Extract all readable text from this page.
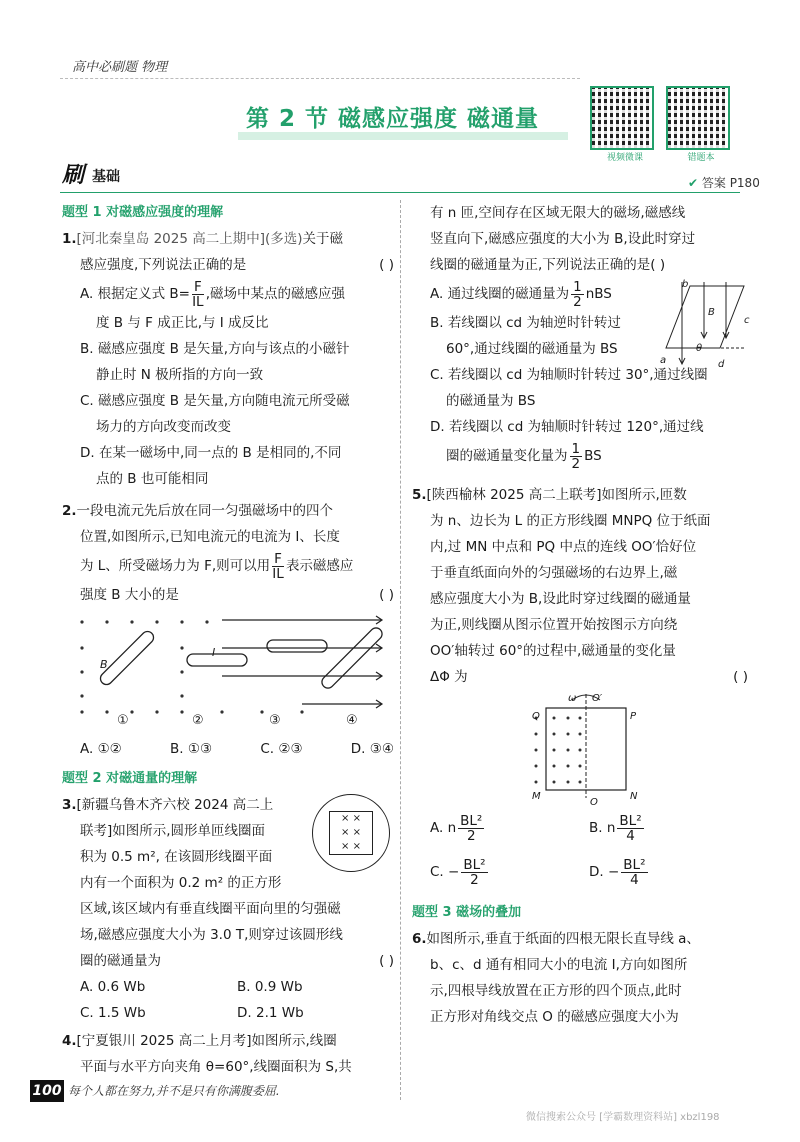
高中必刷题 物理
第 2 节 磁感应强度 磁通量
视频微课	错题本
刷 基础	✔ 答案 P180
题型 1 对磁感应强度的理解
1.[河北秦皇岛 2025 高二上期中](多选)关于磁
感应强度,下列说法正确的是	( )
A. 根据定义式 $B= \frac{F}{IL}$ ,磁场中某点的磁感应强
度 B 与 F 成正比,与 I 成反比
B. 磁感应强度 B 是矢量,方向与该点的小磁针
静止时 N 极所指的方向一致
C. 磁感应强度 B 是矢量,方向随电流元所受磁
场力的方向改变而改变
D. 在某一磁场中,同一点的 B 是相同的,不同
点的 B 也可能相同
2.一段电流元先后放在同一匀强磁场中的四个
位置,如图所示,已知电流元的电流为 I、长度
为 L、所受磁场力为 F,则可以用 $\frac{F}{IL}$ 表示磁感应
强度 B 大小的是	( )
B
I
①	②	③	④
A. ①②	B. ①③	C. ②③	D. ③④
题型 2 对磁通量的理解
3.[新疆乌鲁木齐六校 2024 高二上
联考]如图所示,圆形单匝线圈面
积为 0.5 m², 在该圆形线圈平面
内有一个面积为 0.2 m² 的正方形
区域,该区域内有垂直线圈平面向里的匀强磁
场,磁感应强度大小为 3.0 T,则穿过该圆形线
圈的磁通量为	( )
A. 0.6 Wb	B. 0.9 Wb
C. 1.5 Wb	D. 2.1 Wb
× ×
× ×
× ×
4.[宁夏银川 2025 高二上月考]如图所示,线圈
平面与水平方向夹角 θ=60°,线圈面积为 S,共
有 n 匝,空间存在区域无限大的磁场,磁感线
竖直向下,磁感应强度的大小为 B,设此时穿过
线圈的磁通量为正,下列说法正确的是( )
A. 通过线圈的磁通量为 $\frac{1}{2}$ nBS
B. 若线圈以 cd 为轴逆时针转过
60°,通过线圈的磁通量为 BS
C. 若线圈以 cd 为轴顺时针转过 30°,通过线圈
的磁通量为 BS
D. 若线圈以 cd 为轴顺时针转过 120°,通过线
圈的磁通量变化量为 $\frac{1}{2}$ BS
b
a
c
d
θ
B
5.[陕西榆林 2025 高二上联考]如图所示,匝数
为 n、边长为 L 的正方形线圈 MNPQ 位于纸面
内,过 MN 中点和 PQ 中点的连线 OO′恰好位
于垂直纸面向外的匀强磁场的右边界上,磁
感应强度大小为 B,设此时穿过线圈的磁通量
为正,则线圈从图示位置开始按图示方向绕
OO′轴转过 60°的过程中,磁通量的变化量
ΔΦ 为	( )
Q	P
M	N
O
O′
ω
A. n $\frac{\text{BL²}}{2}$	B. n $\frac{\text{BL²}}{4}$
C. − $\frac{\text{BL²}}{2}$	D. − $\frac{\text{BL²}}{4}$
题型 3 磁场的叠加
6.如图所示,垂直于纸面的四根无限长直导线 a、
b、c、d 通有相同大小的电流 I,方向如图所
示,四根导线放置在正方形的四个顶点,此时
正方形对角线交点 O 的磁感应强度大小为
100 每个人都在努力,并不是只有你满腹委屈.
微信搜索公众号 [学霸数理资料站] xbzl198
